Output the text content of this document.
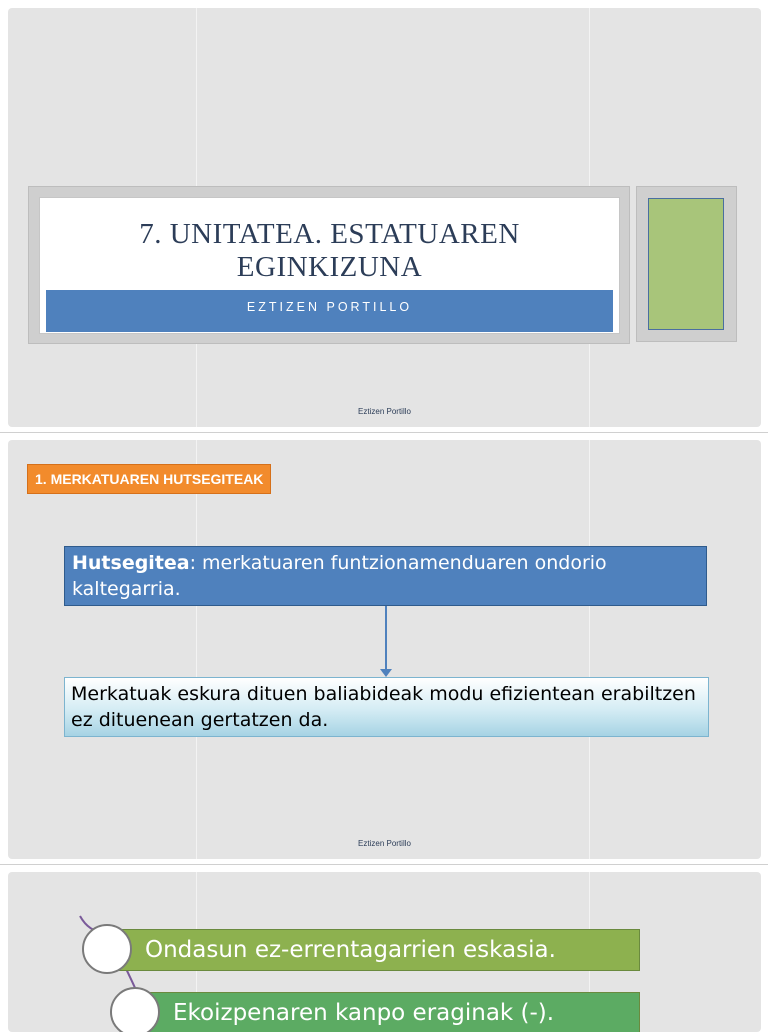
7. UNITATEA. ESTATUAREN
EGINKIZUNA
EZTIZEN PORTILLO
Eztizen Portillo
1. MERKATUAREN HUTSEGITEAK
Hutsegitea: merkatuaren funtzionamenduaren ondorio kaltegarria.
Merkatuak eskura dituen baliabideak modu efizientean erabiltzen ez dituenean gertatzen da.
Eztizen Portillo
Ondasun ez-errentagarrien eskasia.
Ekoizpenaren kanpo eraginak (-).
